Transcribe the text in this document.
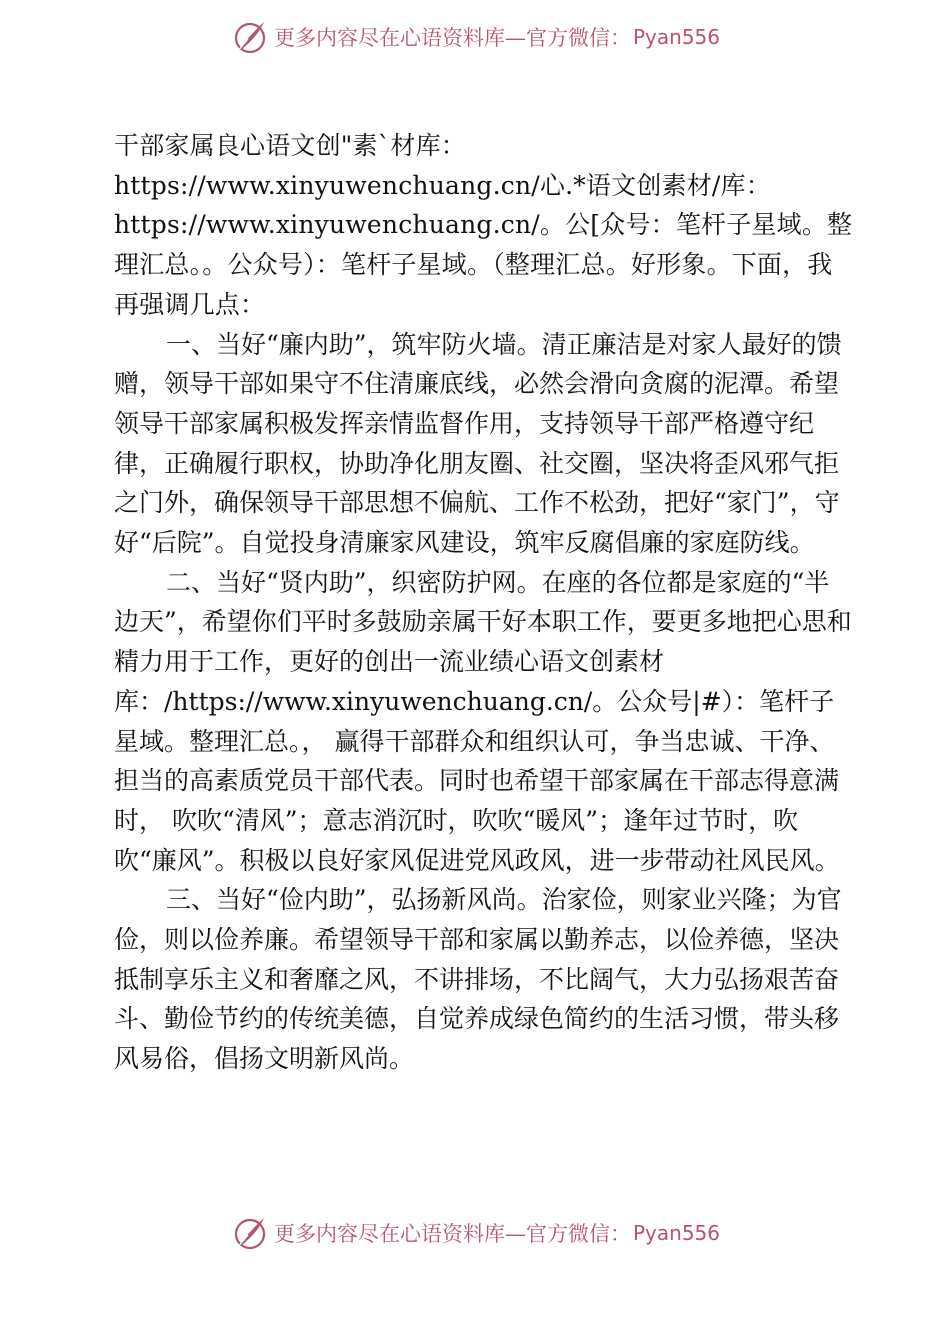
更多内容尽在心语资料库—官方微信： Pyan556

干部家属良心语文创"素`材库：https://www.xinyuwenchuang.cn/心.*语文创素材/库：https://www.xinyuwenchuang.cn/。公[众号：笔杆子星域。整理汇总。。公众号）：笔杆子星域。（整理汇总。好形象。下面，我再强调几点：

一、当好“廉内助”，筑牢防火墙。清正廉洁是对家人最好的馈赠，领导干部如果守不住清廉底线，必然会滑向贪腐的泥潭。希望领导干部家属积极发挥亲情监督作用，支持领导干部严格遵守纪律，正确履行职权，协助净化朋友圈、社交圈，坚决将歪风邪气拒之门外，确保领导干部思想不偏航、工作不松劲，把好“家门”，守好“后院”。自觉投身清廉家风建设，筑牢反腐倡廉的家庭防线。

二、当好“贤内助”，织密防护网。在座的各位都是家庭的“半边天”，希望你们平时多鼓励亲属干好本职工作，要更多地把心思和精力用于工作，更好的创出一流业绩心语文创素材库：/https://www.xinyuwenchuang.cn/。公众号|#）：笔杆子星域。整理汇总。， 赢得干部群众和组织认可，争当忠诚、干净、担当的高素质党员干部代表。同时也希望干部家属在干部志得意满时， 吹吹“清风”；意志消沉时，吹吹“暖风”；逢年过节时，吹吹“廉风”。积极以良好家风促进党风政风，进一步带动社风民风。

三、当好“俭内助”，弘扬新风尚。治家俭，则家业兴隆；为官俭，则以俭养廉。希望领导干部和家属以勤养志，以俭养德，坚决抵制享乐主义和奢靡之风，不讲排场，不比阔气，大力弘扬艰苦奋斗、勤俭节约的传统美德，自觉养成绿色简约的生活习惯，带头移风易俗，倡扬文明新风尚。

更多内容尽在心语资料库—官方微信： Pyan556
